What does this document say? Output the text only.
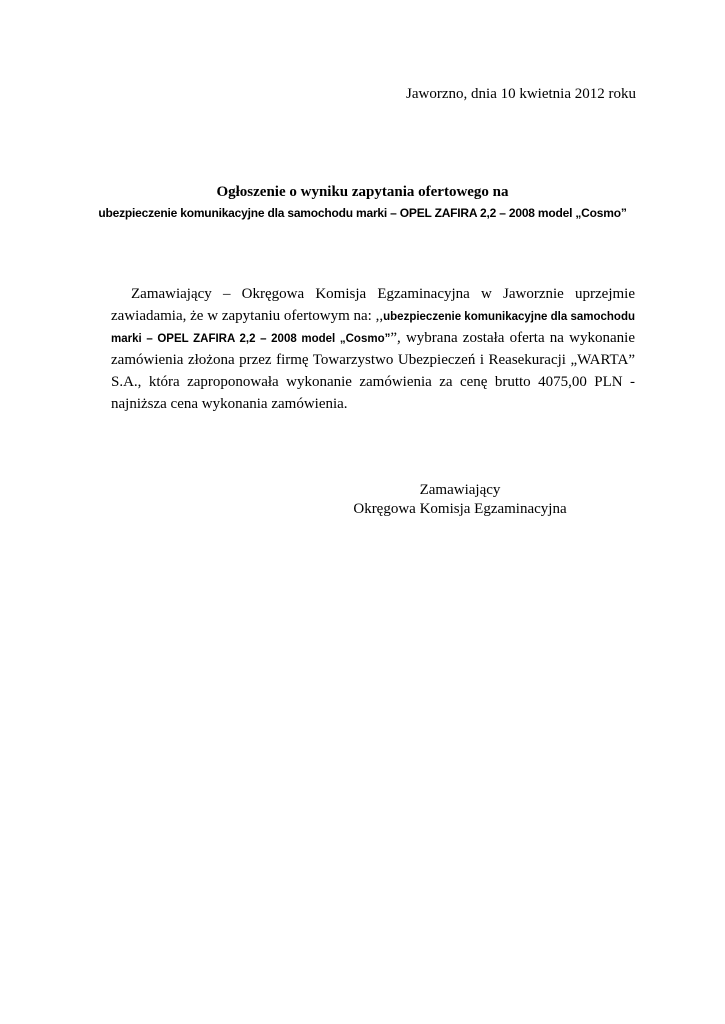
Jaworzno, dnia 10 kwietnia 2012 roku
Ogłoszenie o wyniku zapytania ofertowego na
ubezpieczenie komunikacyjne dla samochodu marki – OPEL ZAFIRA 2,2 – 2008 model „Cosmo”
Zamawiający – Okręgowa Komisja Egzaminacyjna w Jaworznie uprzejmie
zawiadamia, że w zapytaniu ofertowym na: ,,ubezpieczenie komunikacyjne dla samochodu
marki – OPEL ZAFIRA 2,2 – 2008 model „Cosmo””, wybrana została oferta na wykonanie
zamówienia złożona przez firmę Towarzystwo Ubezpieczeń i Reasekuracji „WARTA”
S.A., która zaproponowała wykonanie zamówienia za cenę brutto 4075,00 PLN -
najniższa cena wykonania zamówienia.
Zamawiający
Okręgowa Komisja Egzaminacyjna
